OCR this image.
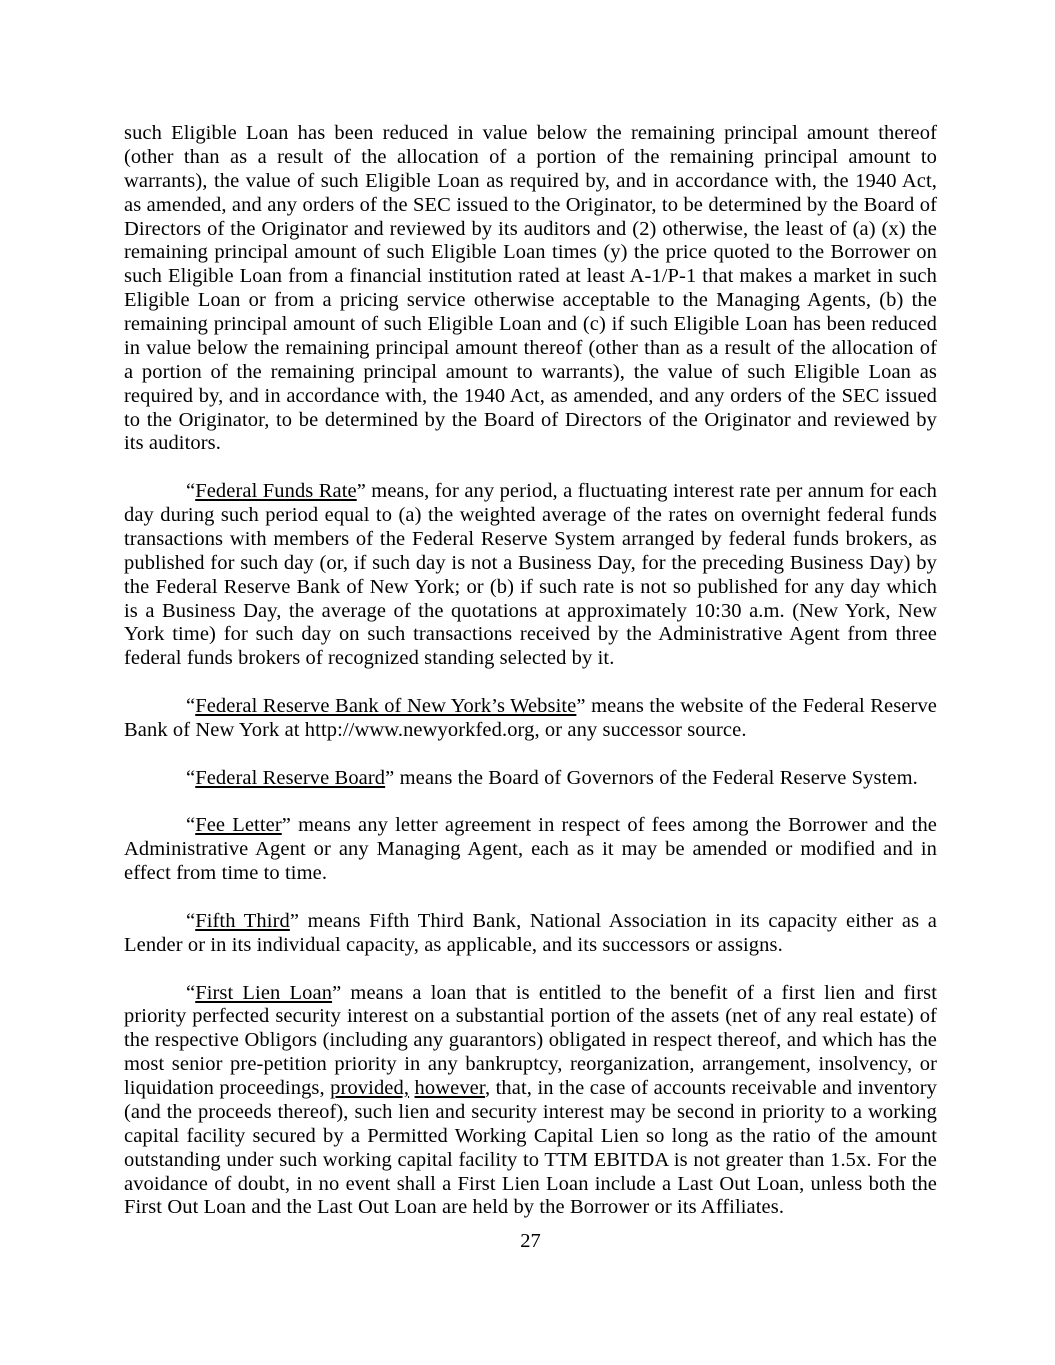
such Eligible Loan has been reduced in value below the remaining principal amount thereof (other than as a result of the allocation of a portion of the remaining principal amount to warrants), the value of such Eligible Loan as required by, and in accordance with, the 1940 Act, as amended, and any orders of the SEC issued to the Originator, to be determined by the Board of Directors of the Originator and reviewed by its auditors and (2) otherwise, the least of (a) (x) the remaining principal amount of such Eligible Loan times (y) the price quoted to the Borrower on such Eligible Loan from a financial institution rated at least A-1/P-1 that makes a market in such Eligible Loan or from a pricing service otherwise acceptable to the Managing Agents, (b) the remaining principal amount of such Eligible Loan and (c) if such Eligible Loan has been reduced in value below the remaining principal amount thereof (other than as a result of the allocation of a portion of the remaining principal amount to warrants), the value of such Eligible Loan as required by, and in accordance with, the 1940 Act, as amended, and any orders of the SEC issued to the Originator, to be determined by the Board of Directors of the Originator and reviewed by its auditors.

“Federal Funds Rate” means, for any period, a fluctuating interest rate per annum for each day during such period equal to (a) the weighted average of the rates on overnight federal funds transactions with members of the Federal Reserve System arranged by federal funds brokers, as published for such day (or, if such day is not a Business Day, for the preceding Business Day) by the Federal Reserve Bank of New York; or (b) if such rate is not so published for any day which is a Business Day, the average of the quotations at approximately 10:30 a.m. (New York, New York time) for such day on such transactions received by the Administrative Agent from three federal funds brokers of recognized standing selected by it.

“Federal Reserve Bank of New York’s Website” means the website of the Federal Reserve Bank of New York at http://www.newyorkfed.org, or any successor source.

“Federal Reserve Board” means the Board of Governors of the Federal Reserve System.

“Fee Letter” means any letter agreement in respect of fees among the Borrower and the Administrative Agent or any Managing Agent, each as it may be amended or modified and in effect from time to time.

“Fifth Third” means Fifth Third Bank, National Association in its capacity either as a Lender or in its individual capacity, as applicable, and its successors or assigns.

“First Lien Loan” means a loan that is entitled to the benefit of a first lien and first priority perfected security interest on a substantial portion of the assets (net of any real estate) of the respective Obligors (including any guarantors) obligated in respect thereof, and which has the most senior pre-petition priority in any bankruptcy, reorganization, arrangement, insolvency, or liquidation proceedings, provided, however, that, in the case of accounts receivable and inventory (and the proceeds thereof), such lien and security interest may be second in priority to a working capital facility secured by a Permitted Working Capital Lien so long as the ratio of the amount outstanding under such working capital facility to TTM EBITDA is not greater than 1.5x. For the avoidance of doubt, in no event shall a First Lien Loan include a Last Out Loan, unless both the First Out Loan and the Last Out Loan are held by the Borrower or its Affiliates.

27
